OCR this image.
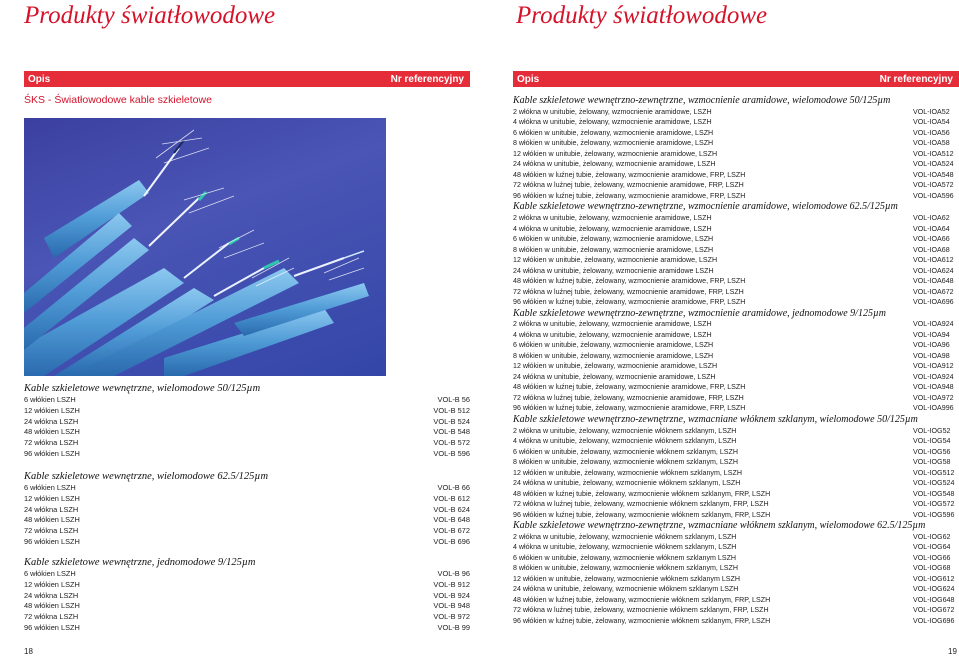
Produkty światłowodowe
Opis	Nr referencyjny
ŚKS - Światłowodowe kable szkieletowe
Kable szkieletowe wewnętrzne, wielomodowe 50/125µm
6 włókien LSZH	VOL-B 56
12 włókien LSZH	VOL-B 512
24 włókna LSZH	VOL-B 524
48 włókien LSZH	VOL-B 548
72 włókna LSZH	VOL-B 572
96 włókien LSZH	VOL-B 596
Kable szkieletowe wewnętrzne, wielomodowe 62.5/125µm
6 włókien LSZH	VOL-B 66
12 włókien LSZH	VOL-B 612
24 włókna LSZH	VOL-B 624
48 włókien LSZH	VOL-B 648
72 włókna LSZH	VOL-B 672
96 włókien LSZH	VOL-B 696
Kable szkieletowe wewnętrzne, jednomodowe 9/125µm
6 włókien LSZH	VOL-B 96
12 włókien LSZH	VOL-B 912
24 włókna LSZH	VOL-B 924
48 włókien LSZH	VOL-B 948
72 włókna LSZH	VOL-B 972
96 włókien LSZH	VOL-B 99
18
Produkty światłowodowe
19
Opis	Nr referencyjny
Kable szkieletowe wewnętrzno-zewnętrzne, wzmocnienie aramidowe, wielomodowe 50/125µm
2 włókna w unitubie, żelowany, wzmocnienie aramidowe, LSZH	VOL-IOA52
4 włókna w unitubie, żelowany, wzmocnienie aramidowe, LSZH	VOL-IOA54
6 włókien w unitubie, żelowany, wzmocnienie aramidowe, LSZH	VOL-IOA56
8 włókien w unitubie, żelowany, wzmocnienie aramidowe, LSZH	VOL-IOA58
12 włókien w unitubie, żelowany, wzmocnienie aramidowe, LSZH	VOL-IOA512
24 włókna w unitubie, żelowany, wzmocnienie aramidowe, LSZH	VOL-IOA524
48 włókien w luźnej tubie, żelowany, wzmocnienie aramidowe, FRP, LSZH	VOL-IOA548
72 włókna w luźnej tubie, żelowany, wzmocnienie aramidowe, FRP, LSZH	VOL-IOA572
96 włókien w luźnej tubie, żelowany, wzmocnienie aramidowe, FRP, LSZH	VOL-IOA596
Kable szkieletowe wewnętrzno-zewnętrzne, wzmocnienie aramidowe, wielomodowe 62.5/125µm
2 włókna w unitubie, żelowany, wzmocnienie aramidowe, LSZH	VOL-IOA62
4 włókna w unitubie, żelowany, wzmocnienie aramidowe, LSZH	VOL-IOA64
6 włókien w unitubie, żelowany, wzmocnienie aramidowe, LSZH	VOL-IOA66
8 włókien w unitubie, żelowany, wzmocnienie aramidowe, LSZH	VOL-IOA68
12 włókien w unitubie, żelowany, wzmocnienie aramidowe, LSZH	VOL-IOA612
24 włókna w unitubie, żelowany, wzmocnienie aramidowe LSZH	VOL-IOA624
48 włókien w luźnej tubie, żelowany, wzmocnienie aramidowe, FRP, LSZH	VOL-IOA648
72 włókna w luźnej tubie, żelowany, wzmocnienie aramidowe, FRP, LSZH	VOL-IOA672
96 włókien w luźnej tubie, żelowany, wzmocnienie aramidowe, FRP, LSZH	VOL-IOA696
Kable szkieletowe wewnętrzno-zewnętrzne, wzmocnienie aramidowe, jednomodowe 9/125µm
2 włókna w unitubie, żelowany, wzmocnienie aramidowe, LSZH	VOL-IOA924
4 włókna w unitubie, żelowany, wzmocnienie aramidowe, LSZH	VOL-IOA94
6 włókien w unitubie, żelowany, wzmocnienie aramidowe, LSZH	VOL-IOA96
8 włókien w unitubie, żelowany, wzmocnienie aramidowe, LSZH	VOL-IOA98
12 włókien w unitubie, żelowany, wzmocnienie aramidowe, LSZH	VOL-IOA912
24 włókna w unitubie, żelowany, wzmocnienie aramidowe, LSZH	VOL-IOA924
48 włókien w luźnej tubie, żelowany, wzmocnienie aramidowe, FRP, LSZH	VOL-IOA948
72 włókna w luźnej tubie, żelowany, wzmocnienie aramidowe, FRP, LSZH	VOL-IOA972
96 włókien w luźnej tubie, żelowany, wzmocnienie aramidowe, FRP, LSZH	VOL-IOA996
Kable szkieletowe wewnętrzno-zewnętrzne, wzmacniane włóknem szklanym, wielomodowe 50/125µm
2 włókna w unitubie, żelowany, wzmocnienie włóknem szklanym, LSZH	VOL-IOG52
4 włókna w unitubie, żelowany, wzmocnienie włóknem szklanym, LSZH	VOL-IOG54
6 włókien w unitubie, żelowany, wzmocnienie włóknem szklanym, LSZH	VOL-IOG56
8 włókien w unitubie, żelowany, wzmocnienie włóknem szklanym, LSZH	VOL-IOG58
12 włókien w unitubie, żelowany, wzmocnienie włóknem szklanym, LSZH	VOL-IOG512
24 włókna w unitubie, żelowany, wzmocnienie włóknem szklanym, LSZH	VOL-IOG524
48 włókien w luźnej tubie, żelowany, wzmocnienie włóknem szklanym, FRP, LSZH	VOL-IOG548
72 włókna w luźnej tubie, żelowany, wzmocnienie włóknem szklanym, FRP, LSZH	VOL-IOG572
96 włókien w luźnej tubie, żelowany, wzmocnienie włóknem szklanym, FRP, LSZH	VOL-IOG596
Kable szkieletowe wewnętrzno-zewnętrzne, wzmacniane włóknem szklanym, wielomodowe 62.5/125µm
2 włókna w unitubie, żelowany, wzmocnienie włóknem szklanym, LSZH	VOL-IOG62
4 włókna w unitubie, żelowany, wzmocnienie włóknem szklanym, LSZH	VOL-IOG64
6 włókien w unitubie, żelowany, wzmocnienie włóknem szklanym LSZH	VOL-IOG66
8 włókien w unitubie, żelowany, wzmocnienie włóknem szklanym, LSZH	VOL-IOG68
12 włókien w unitubie, żelowany, wzmocnienie włóknem szklanym LSZH	VOL-IOG612
24 włókna w unitubie, żelowany, wzmocnienie włóknem szklanym LSZH	VOL-IOG624
48 włókien w luźnej tubie, żelowany, wzmocnienie włóknem szklanym, FRP, LSZH	VOL-IOG648
72 włókna w luźnej tubie, żelowany, wzmocnienie włóknem szklanym, FRP, LSZH	VOL-IOG672
96 włókien w luźnej tubie, żelowany, wzmocnienie włóknem szklanym, FRP, LSZH	VOL-IOG696
